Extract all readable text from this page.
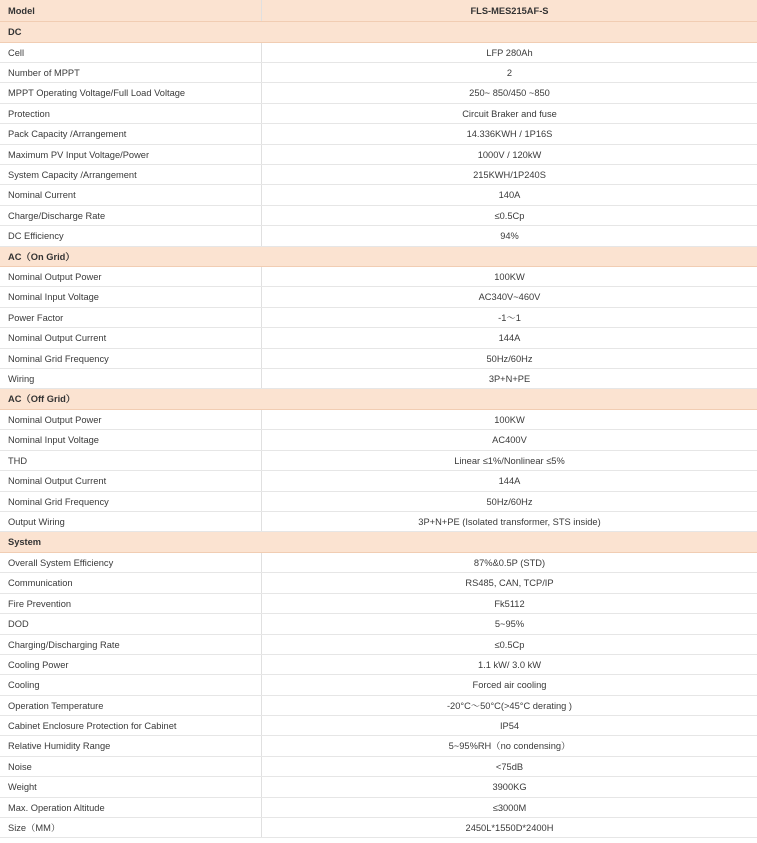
Model	FLS-MES215AF-S
DC
Cell	LFP 280Ah
Number of MPPT	2
MPPT Operating Voltage/Full Load Voltage	250~ 850/450 ~850
Protection	Circuit Braker and fuse
Pack Capacity /Arrangement	14.336KWH / 1P16S
Maximum PV Input Voltage/Power	1000V / 120kW
System Capacity /Arrangement	215KWH/1P240S
Nominal Current	140A
Charge/Discharge Rate	≤0.5Cp
DC Efficiency	94%
AC（On Grid）
Nominal Output Power	100KW
Nominal Input Voltage	AC340V~460V
Power Factor	-1～1
Nominal Output Current	144A
Nominal Grid Frequency	50Hz/60Hz
Wiring	3P+N+PE
AC（Off Grid）
Nominal Output Power	100KW
Nominal Input Voltage	AC400V
THD	Linear ≤1%/Nonlinear ≤5%
Nominal Output Current	144A
Nominal Grid Frequency	50Hz/60Hz
Output Wiring	3P+N+PE (Isolated transformer, STS inside)
System
Overall System Efficiency	87%&0.5P (STD)
Communication	RS485, CAN, TCP/IP
Fire Prevention	Fk5112
DOD	5~95%
Charging/Discharging Rate	≤0.5Cp
Cooling Power	1.1 kW/ 3.0 kW
Cooling	Forced air cooling
Operation Temperature	-20°C～50°C(>45°C derating )
Cabinet Enclosure Protection for Cabinet	IP54
Relative Humidity Range	5~95%RH（no condensing）
Noise	<75dB
Weight	3900KG
Max. Operation Altitude	≤3000M
Size（MM）	2450L*1550D*2400H
